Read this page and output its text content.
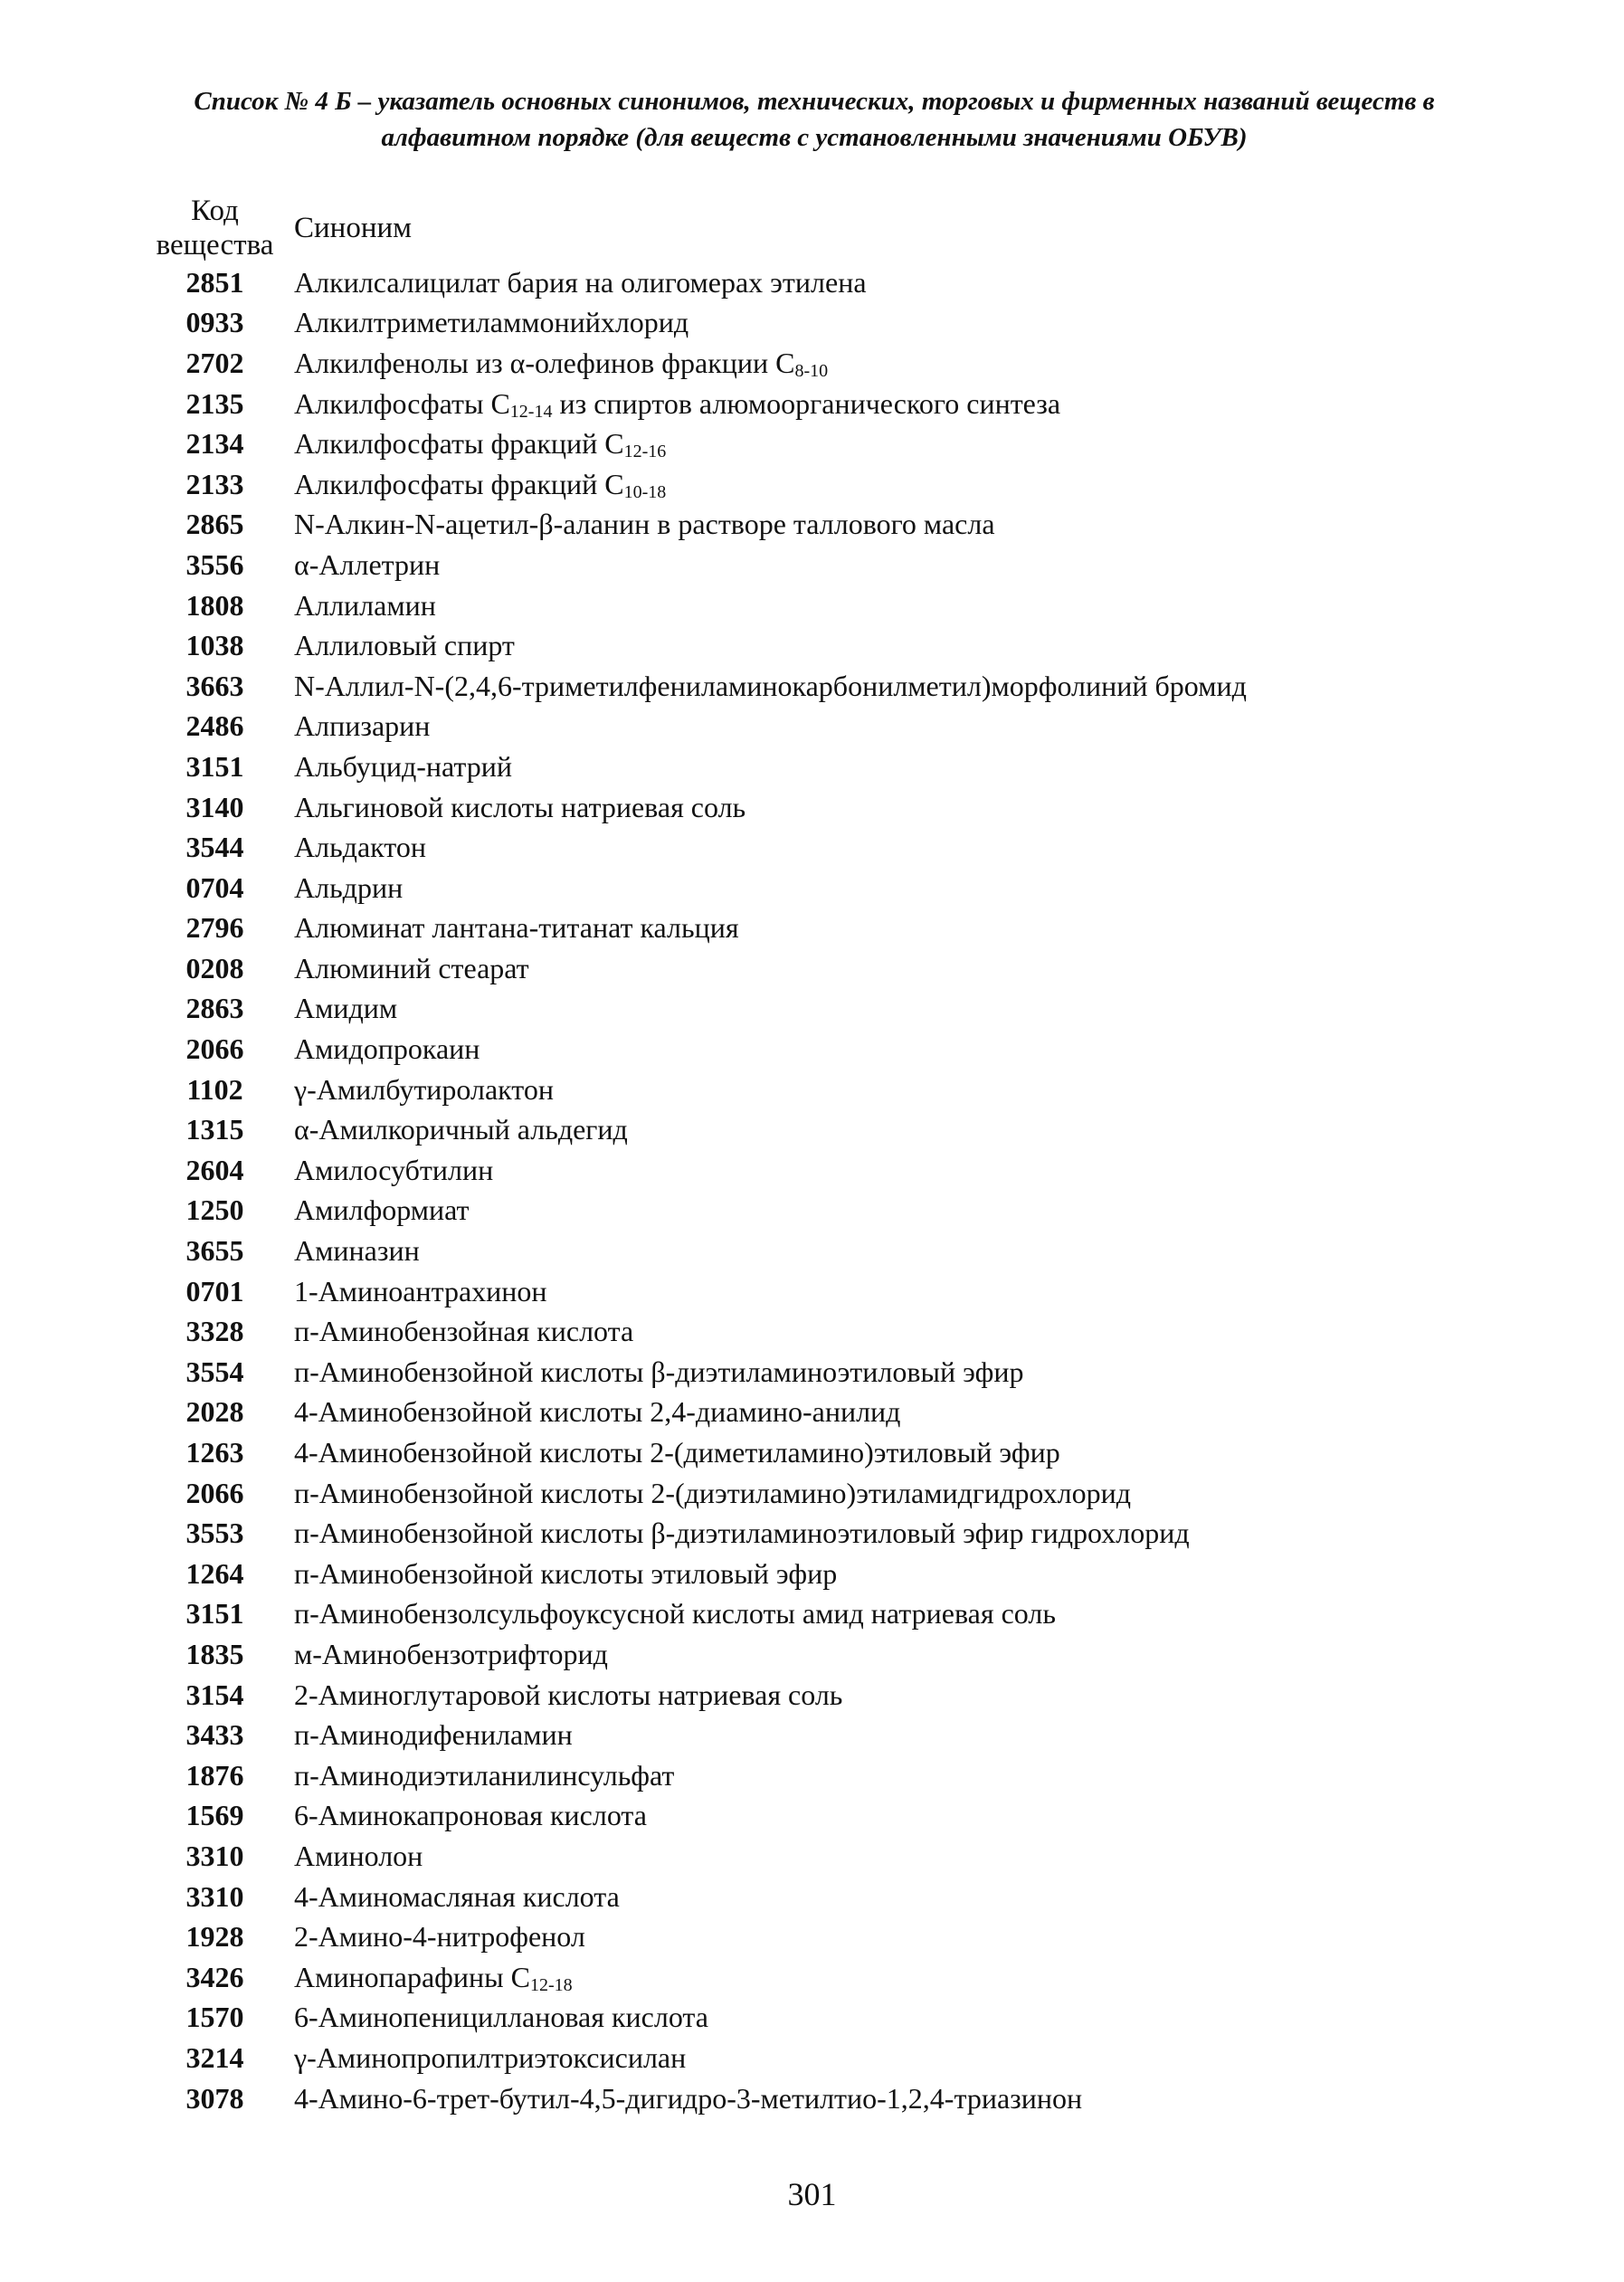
Список № 4 Б – указатель основных синонимов, технических, торговых и фирменных названий веществ в
алфавитном порядке (для веществ с установленными значениями ОБУВ)
Код
вещества	Синоним
2851	Алкилсалицилат бария на олигомерах этилена
0933	Алкилтриметиламмонийхлорид
2702	Алкилфенолы из α-олефинов фракции $C_{8-10}$
2135	Алкилфосфаты $C_{12-14}$ из спиртов алюмоорганического синтеза
2134	Алкилфосфаты фракций $C_{12-16}$
2133	Алкилфосфаты фракций $C_{10-18}$
2865	N-Алкин-N-ацетил-β-аланин в растворе таллового масла
3556	α-Аллетрин
1808	Аллиламин
1038	Аллиловый спирт
3663	N-Аллил-N-(2,4,6-триметилфениламинокарбонилметил)морфолиний бромид
2486	Алпизарин
3151	Альбуцид-натрий
3140	Альгиновой кислоты натриевая соль
3544	Альдактон
0704	Альдрин
2796	Алюминат лантана-титанат кальция
0208	Алюминий стеарат
2863	Амидим
2066	Амидопрокаин
1102	γ-Амилбутиролактон
1315	α-Амилкоричный альдегид
2604	Амилосубтилин
1250	Амилформиат
3655	Аминазин
0701	1-Аминоантрахинон
3328	п-Аминобензойная кислота
3554	п-Аминобензойной кислоты β-диэтиламиноэтиловый эфир
2028	4-Аминобензойной кислоты 2,4-диамино-анилид
1263	4-Аминобензойной кислоты 2-(диметиламино)этиловый эфир
2066	п-Аминобензойной кислоты 2-(диэтиламино)этиламидгидрохлорид
3553	п-Аминобензойной кислоты β-диэтиламиноэтиловый эфир гидрохлорид
1264	п-Аминобензойной кислоты этиловый эфир
3151	п-Аминобензолсульфоуксусной кислоты амид натриевая соль
1835	м-Аминобензотрифторид
3154	2-Аминоглутаровой кислоты натриевая соль
3433	п-Аминодифениламин
1876	п-Аминодиэтиланилинсульфат
1569	6-Аминокапроновая кислота
3310	Аминолон
3310	4-Аминомасляная кислота
1928	2-Амино-4-нитрофенол
3426	Аминопарафины $C_{12-18}$
1570	6-Аминопенициллановая кислота
3214	γ-Аминопропилтриэтоксисилан
3078	4-Амино-6-трет-бутил-4,5-дигидро-3-метилтио-1,2,4-триазинон
301
